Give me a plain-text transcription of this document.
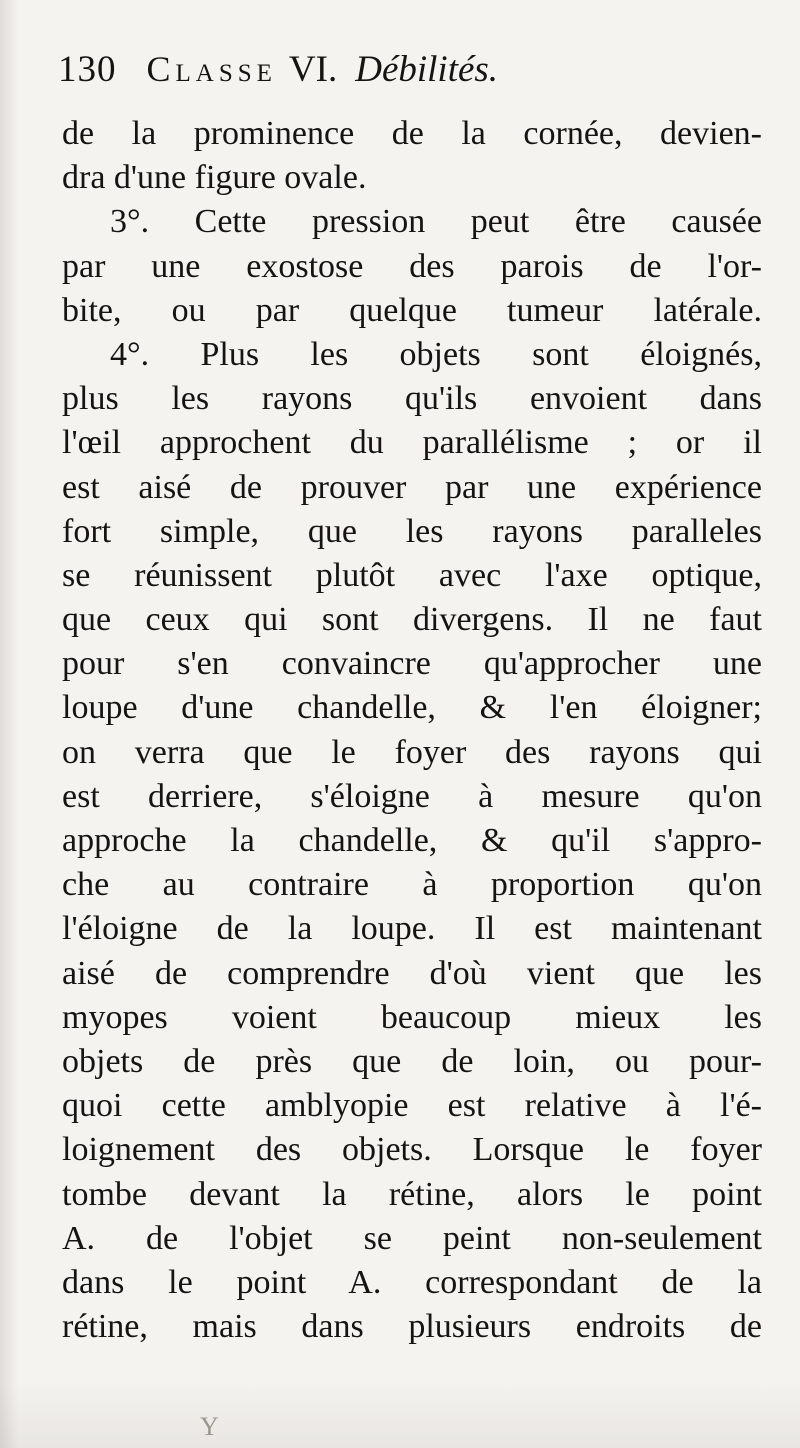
130 Classe VI. Débilités.
de la prominence de la cornée, devien-
dra d'une figure ovale.
3°. Cette pression peut être causée
par une exostose des parois de l'or-
bite, ou par quelque tumeur latérale.
4°. Plus les objets sont éloignés,
plus les rayons qu'ils envoient dans
l'œil approchent du parallélisme ; or il
est aisé de prouver par une expérience
fort simple, que les rayons paralleles
se réunissent plutôt avec l'axe optique,
que ceux qui sont divergens. Il ne faut
pour s'en convaincre qu'approcher une
loupe d'une chandelle, & l'en éloigner;
on verra que le foyer des rayons qui
est derriere, s'éloigne à mesure qu'on
approche la chandelle, & qu'il s'appro-
che au contraire à proportion qu'on
l'éloigne de la loupe. Il est maintenant
aisé de comprendre d'où vient que les
myopes voient beaucoup mieux les
objets de près que de loin, ou pour-
quoi cette amblyopie est relative à l'é-
loignement des objets. Lorsque le foyer
tombe devant la rétine, alors le point
A. de l'objet se peint non-seulement
dans le point A. correspondant de la
rétine, mais dans plusieurs endroits de
Y
